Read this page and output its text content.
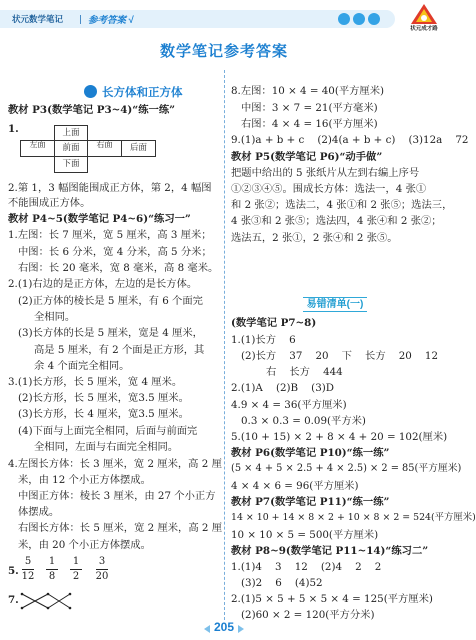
状元数学笔记	参考答案 √
状元成才路
数学笔记参考答案
长方体和正方体
教材 P3(数学笔记 P3~4)“练一练”
1.	上面
左面	前面	右面	后面
下面
2.第 1，3 幅图能围成正方体，第 2，4 幅图
不能围成正方体。
教材 P4~5(数学笔记 P4~6)“练习一”
1.左图：长 7 厘米，宽 5 厘米，高 3 厘米；
中图：长 6 分米，宽 4 分米，高 5 分米；
右图：长 20 毫米，宽 8 毫米，高 8 毫米。
2.(1)右边的是正方体，左边的是长方体。
(2)正方体的棱长是 5 厘米，有 6 个面完
全相同。
(3)长方体的长是 5 厘米，宽是 4 厘米，
高是 5 厘米，有 2 个面是正方形，其
余 4 个面完全相同。
3.(1)长方形，长 5 厘米，宽 4 厘米。
(2)长方形，长 5 厘米，宽3.5 厘米。
(3)长方形，长 4 厘米，宽3.5 厘米。
(4)下面与上面完全相同，后面与前面完
全相同，左面与右面完全相同。
4.左图长方体：长 3 厘米，宽 2 厘米，高 2 厘
米，由 12 个小正方体摆成。
中图正方体：棱长 3 厘米，由 27 个小正方
体摆成。
右图长方体：长 5 厘米，宽 2 厘米，高 2 厘
米，由 20 个小正方体摆成。
5.
5
12
1
8
1
2
3
20
7.
8.左图：10 × 4 = 40(平方厘米)
中图：3 × 7 = 21(平方毫米)
右图：4 × 4 = 16(平方厘米)
9.(1)a + b + c    (2)4(a + b + c)    (3)12a    72
教材 P5(数学笔记 P6)“动手做”
把题中给出的 5 张纸片从左到右编上序号
①②③④⑤。围成长方体：选法一，4 张①
和 2 张②；选法二，4 张①和 2 张⑤；选法三，
4 张③和 2 张⑤；选法四，4 张④和 2 张②；
选法五，2 张①，2 张④和 2 张⑤。
易错清单(一)
(数学笔记 P7~8)
1.(1)长方    6
(2)长方    37    20    下    长方    20    12
右    长方    444
2.(1)A    (2)B    (3)D
4.9 × 4 = 36(平方厘米)
0.3 × 0.3 = 0.09(平方米)
5.(10 + 15) × 2 + 8 × 4 + 20 = 102(厘米)
教材 P6(数学笔记 P10)“练一练”
(5 × 4 + 5 × 2.5 + 4 × 2.5) × 2 = 85(平方厘米)
4 × 4 × 6 = 96(平方厘米)
教材 P7(数学笔记 P11)“练一练”
14 × 10 + 14 × 8 × 2 + 10 × 8 × 2 = 524(平方厘米)
10 × 10 × 5 = 500(平方厘米)
教材 P8~9(数学笔记 P11~14)“练习二”
1.(1)4    3    12    (2)4    2    2
(3)2    6    (4)52
2.(1)5 × 5 + 5 × 5 × 4 = 125(平方厘米)
(2)60 × 2 = 120(平方分米)
205
